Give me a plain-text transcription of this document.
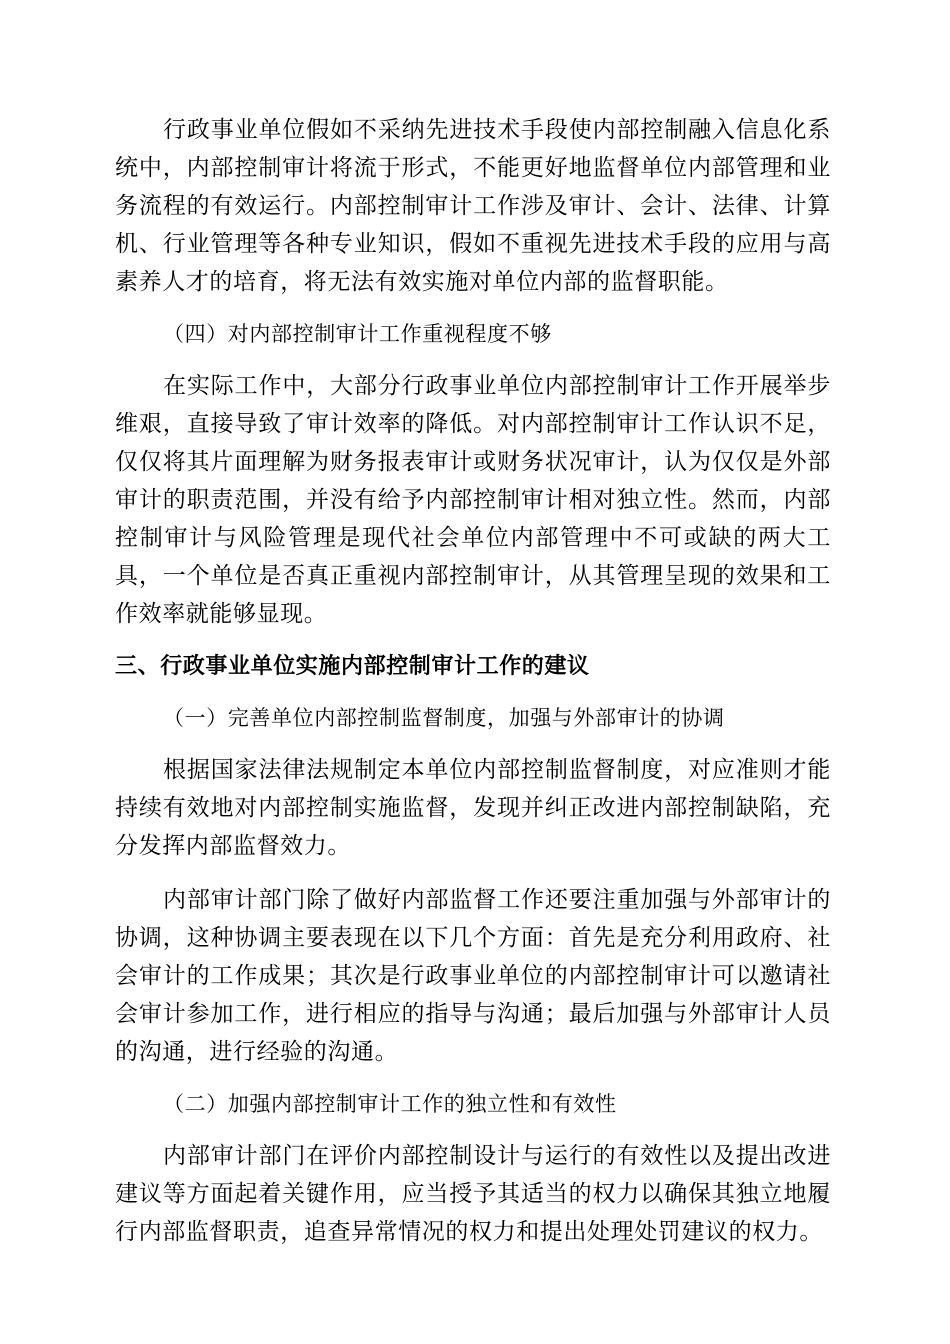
行政事业单位假如不采纳先进技术手段使内部控制融入信息化系统中，内部控制审计将流于形式，不能更好地监督单位内部管理和业务流程的有效运行。内部控制审计工作涉及审计、会计、法律、计算机、行业管理等各种专业知识，假如不重视先进技术手段的应用与高素养人才的培育，将无法有效实施对单位内部的监督职能。

（四）对内部控制审计工作重视程度不够

在实际工作中，大部分行政事业单位内部控制审计工作开展举步维艰，直接导致了审计效率的降低。对内部控制审计工作认识不足，仅仅将其片面理解为财务报表审计或财务状况审计，认为仅仅是外部审计的职责范围，并没有给予内部控制审计相对独立性。然而，内部控制审计与风险管理是现代社会单位内部管理中不可或缺的两大工具，一个单位是否真正重视内部控制审计，从其管理呈现的效果和工作效率就能够显现。

三、行政事业单位实施内部控制审计工作的建议

（一）完善单位内部控制监督制度，加强与外部审计的协调

根据国家法律法规制定本单位内部控制监督制度，对应准则才能持续有效地对内部控制实施监督，发现并纠正改进内部控制缺陷，充分发挥内部监督效力。

内部审计部门除了做好内部监督工作还要注重加强与外部审计的协调，这种协调主要表现在以下几个方面：首先是充分利用政府、社会审计的工作成果；其次是行政事业单位的内部控制审计可以邀请社会审计参加工作，进行相应的指导与沟通；最后加强与外部审计人员的沟通，进行经验的沟通。

（二）加强内部控制审计工作的独立性和有效性

内部审计部门在评价内部控制设计与运行的有效性以及提出改进建议等方面起着关键作用，应当授予其适当的权力以确保其独立地履行内部监督职责，追查异常情况的权力和提出处理处罚建议的权力。
